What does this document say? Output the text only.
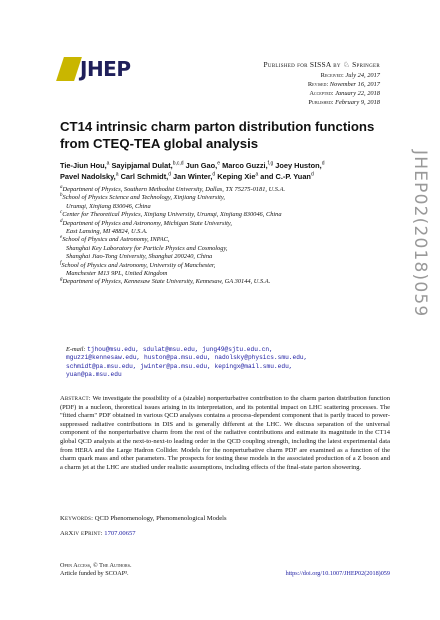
JHEP	Published for SISSA by ♘ Springer
Received: July 24, 2017
Revised: November 16, 2017
Accepted: January 22, 2018
Published: February 9, 2018
CT14 intrinsic charm parton distribution functions
from CTEQ-TEA global analysis
Tie-Jiun Hou,$^a$ Sayipjamal Dulat,$^{b,c,d}$ Jun Gao,$^e$ Marco Guzzi,$^{f,g}$ Joey Huston,$^d$
Pavel Nadolsky,$^a$ Carl Schmidt,$^d$ Jan Winter,$^d$ Keping Xie$^a$ and C.-P. Yuan$^d$
$^a$Department of Physics, Southern Methodist University, Dallas, TX 75275-0181, U.S.A.
$^b$School of Physics Science and Technology, Xinjiang University,
Urumqi, Xinjiang 830046, China
$^c$Center for Theoretical Physics, Xinjiang University, Urumqi, Xinjiang 830046, China
$^d$Department of Physics and Astronomy, Michigan State University,
East Lansing, MI 48824, U.S.A.
$^e$School of Physics and Astronomy, INPAC,
Shanghai Key Laboratory for Particle Physics and Cosmology,
Shanghai Jiao-Tong University, Shanghai 200240, China
$^f$School of Physics and Astronomy, University of Manchester,
Manchester M13 9PL, United Kingdom
$^g$Department of Physics, Kennesaw State University, Kennesaw, GA 30144, U.S.A.
E-mail: tjhou@msu.edu, sdulat@msu.edu, jung49@sjtu.edu.cn,
mguzzi@kennesaw.edu, huston@pa.msu.edu, nadolsky@physics.smu.edu,
schmidt@pa.msu.edu, jwinter@pa.msu.edu, kepingx@mail.smu.edu,
yuan@pa.msu.edu
Abstract: We investigate the possibility of a (sizable) nonperturbative contribution to the charm parton distribution function (PDF) in a nucleon, theoretical issues arising in its interpretation, and its potential impact on LHC scattering processes. The "fitted charm" PDF obtained in various QCD analyses contains a process-dependent component that is partly traced to power-suppressed radiative contributions in DIS and is generally different at the LHC. We discuss separation of the universal component of the nonperturbative charm from the rest of the radiative contributions and estimate its magnitude in the CT14 global QCD analysis at the next-to-next-to leading order in the QCD coupling strength, including the latest experimental data from HERA and the Large Hadron Collider. Models for the nonperturbative charm PDF are examined as a function of the charm quark mass and other parameters. The prospects for testing these models in the associated production of a Z boson and a charm jet at the LHC are studied under realistic assumptions, including effects of the final-state parton showering.
Keywords: QCD Phenomenology, Phenomenological Models
ArXiv ePrint: 1707.00657
Open Access, © The Authors.
Article funded by SCOAP³.	https://doi.org/10.1007/JHEP02(2018)059
JHEP02(2018)059
